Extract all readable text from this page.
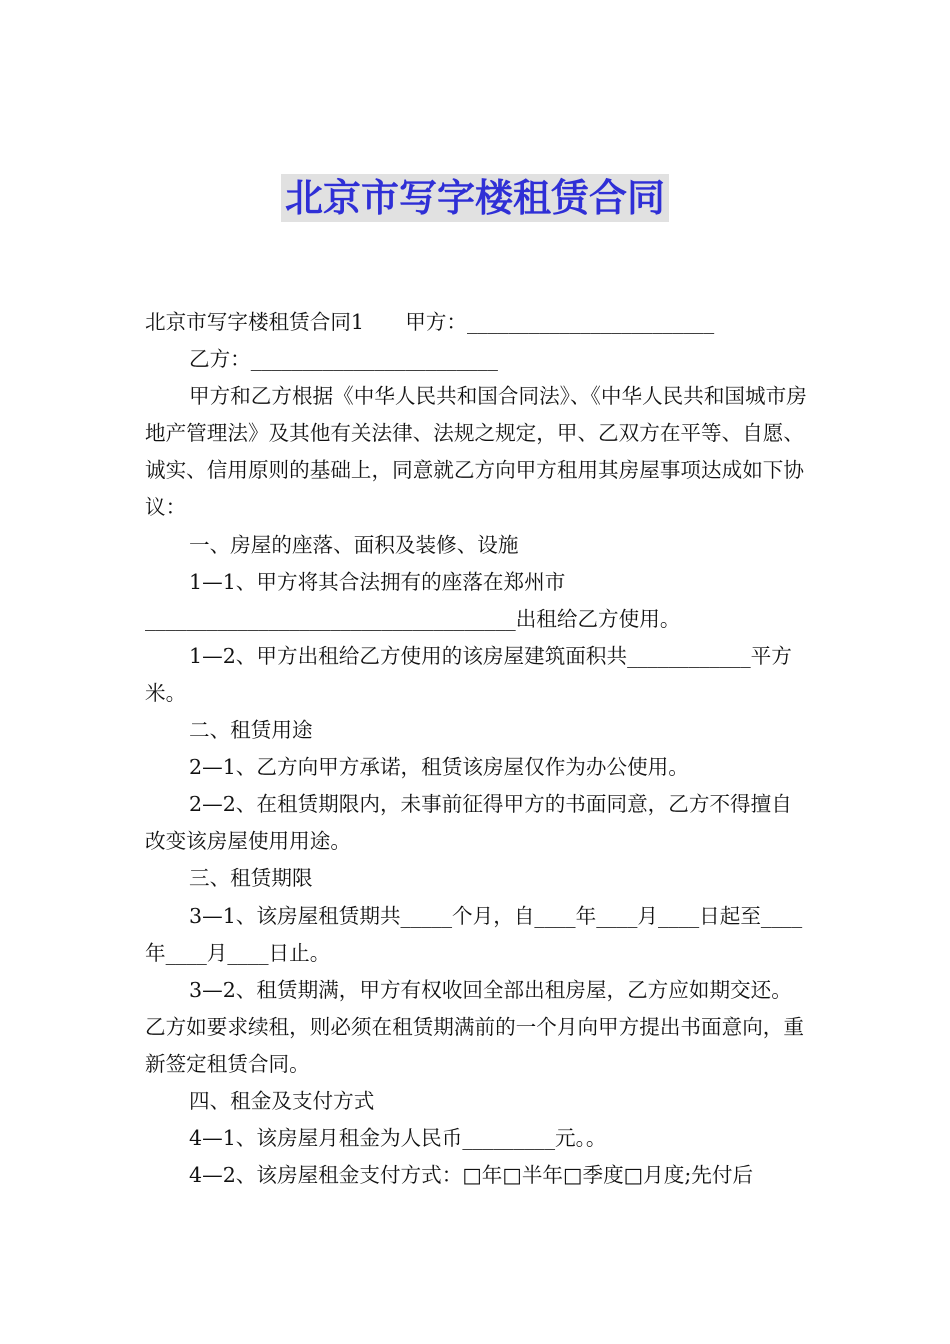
北京市写字楼租赁合同

北京市写字楼租赁合同1　　甲方：________________________

乙方：________________________

甲方和乙方根据《中华人民共和国合同法》、《中华人民共和国城市房地产管理法》及其他有关法律、法规之规定，甲、乙双方在平等、自愿、诚实、信用原则的基础上，同意就乙方向甲方租用其房屋事项达成如下协议：

一、房屋的座落、面积及装修、设施

1—1、甲方将其合法拥有的座落在郑州市____________________________________出租给乙方使用。

1—2、甲方出租给乙方使用的该房屋建筑面积共____________平方米。

二、租赁用途

2—1、乙方向甲方承诺，租赁该房屋仅作为办公使用。

2—2、在租赁期限内，未事前征得甲方的书面同意，乙方不得擅自改变该房屋使用用途。

三、租赁期限

3—1、该房屋租赁期共_____个月，自____年____月____日起至____年____月____日止。

3—2、租赁期满，甲方有权收回全部出租房屋，乙方应如期交还。乙方如要求续租，则必须在租赁期满前的一个月向甲方提出书面意向，重新签定租赁合同。

四、租金及支付方式

4—1、该房屋月租金为人民币_________元。。

4—2、该房屋租金支付方式：□年□半年□季度□月度;先付后
